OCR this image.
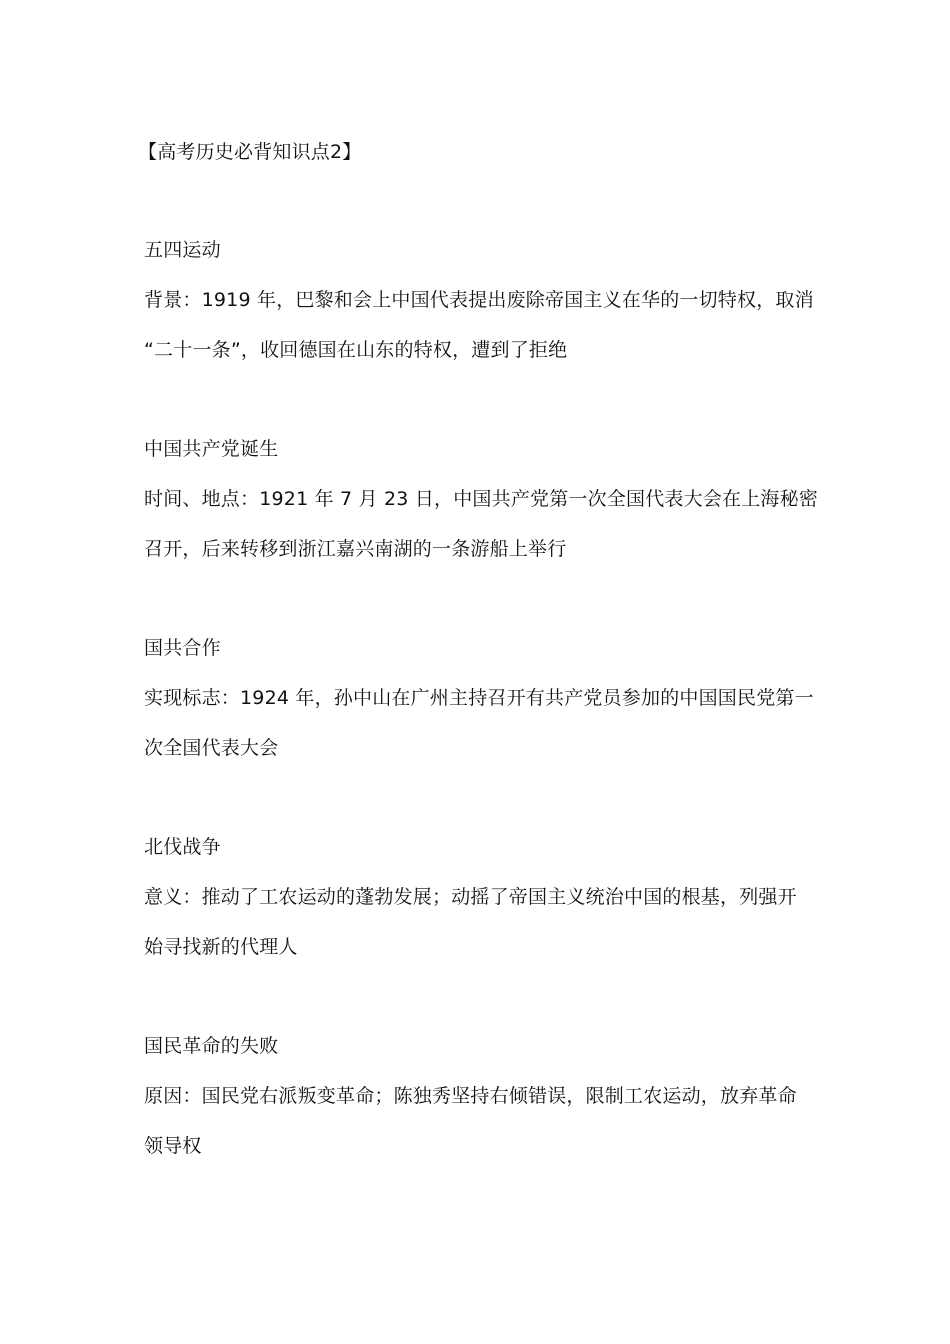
【高考历史必背知识点2】
五四运动
背景：1919 年，巴黎和会上中国代表提出废除帝国主义在华的一切特权，取消
“二十一条”，收回德国在山东的特权，遭到了拒绝
中国共产党诞生
时间、地点：1921 年 7 月 23 日，中国共产党第一次全国代表大会在上海秘密
召开，后来转移到浙江嘉兴南湖的一条游船上举行
国共合作
实现标志：1924 年，孙中山在广州主持召开有共产党员参加的中国国民党第一
次全国代表大会
北伐战争
意义：推动了工农运动的蓬勃发展；动摇了帝国主义统治中国的根基，列强开
始寻找新的代理人
国民革命的失败
原因：国民党右派叛变革命；陈独秀坚持右倾错误，限制工农运动，放弃革命
领导权
